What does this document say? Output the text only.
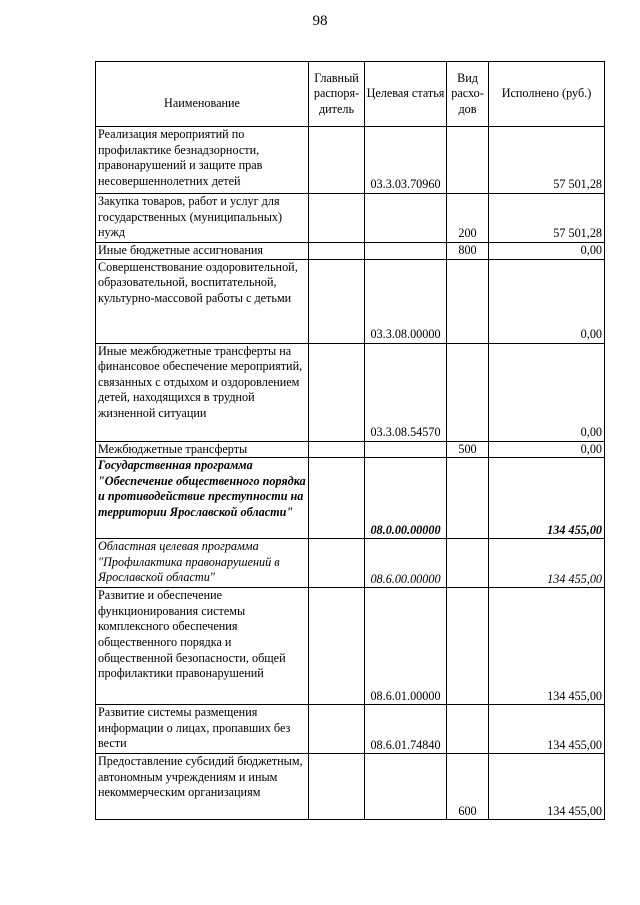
98
Наименование	Главный распоря-дитель	Целевая статья	Вид расхо-дов	Исполнено (руб.)
Реализация мероприятий по профилактике безнадзорности, правонарушений и защите прав несовершеннолетних детей		03.3.03.70960		57 501,28
Закупка товаров, работ и услуг для государственных (муниципальных) нужд			200	57 501,28
Иные бюджетные ассигнования			800	0,00
Совершенствование оздоровительной, образовательной, воспитательной, культурно-массовой работы с детьми		03.3.08.00000		0,00
Иные межбюджетные трансферты на финансовое обеспечение мероприятий, связанных с отдыхом и оздоровлением детей, находящихся в трудной жизненной ситуации		03.3.08.54570		0,00
Межбюджетные трансферты			500	0,00
Государственная программа "Обеспечение общественного порядка и противодействие преступности на территории Ярославской области"		08.0.00.00000		134 455,00
Областная целевая программа "Профилактика правонарушений в Ярославской области"		08.6.00.00000		134 455,00
Развитие и обеспечение функционирования системы комплексного обеспечения общественного порядка и общественной безопасности, общей профилактики правонарушений		08.6.01.00000		134 455,00
Развитие системы размещения информации о лицах, пропавших без вести		08.6.01.74840		134 455,00
Предоставление субсидий бюджетным, автономным учреждениям и иным некоммерческим организациям			600	134 455,00
